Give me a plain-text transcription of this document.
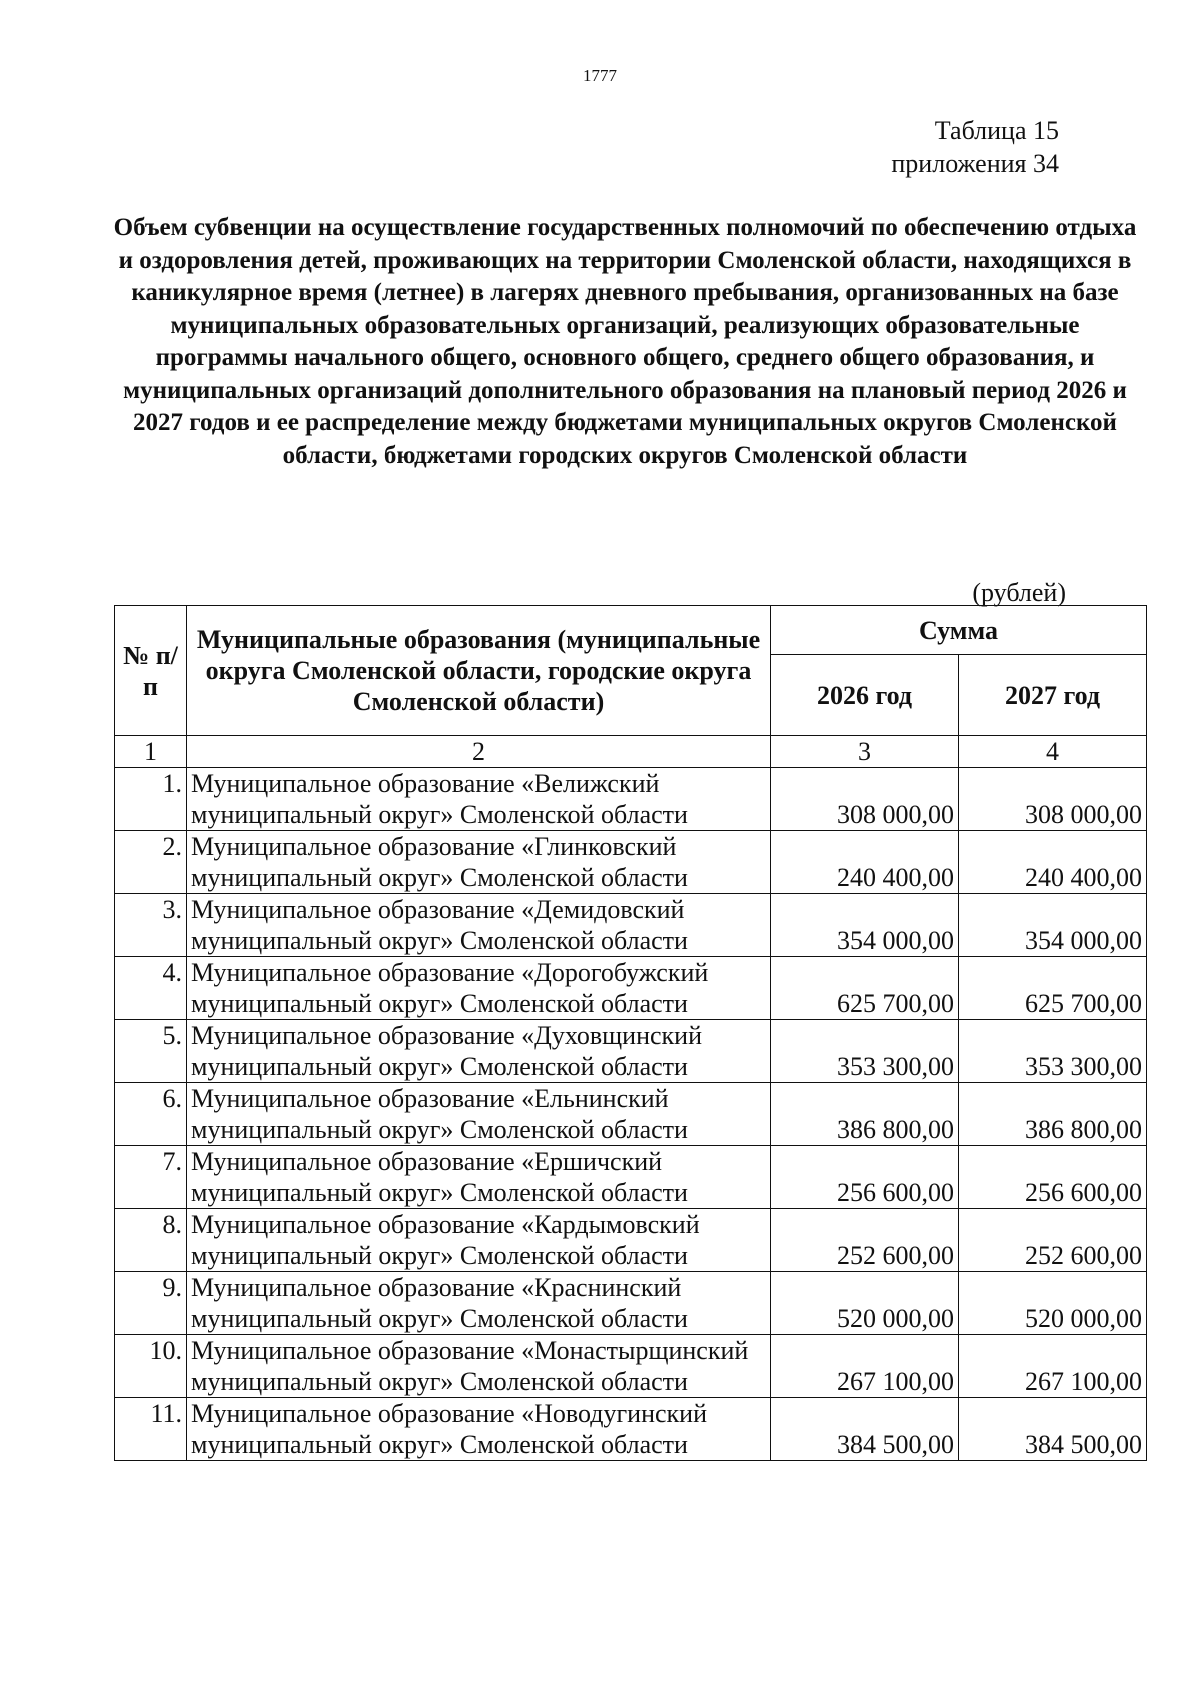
1777
Таблица 15
приложения 34
Объем субвенции на осуществление государственных полномочий по обеспечению отдыха и оздоровления детей, проживающих на территории Смоленской области, находящихся в каникулярное время (летнее) в лагерях дневного пребывания, организованных на базе муниципальных образовательных организаций, реализующих образовательные программы начального общего, основного общего, среднего общего образования, и муниципальных организаций дополнительного образования на плановый период 2026 и 2027 годов и ее распределение между бюджетами муниципальных округов Смоленской области, бюджетами городских округов Смоленской области
(рублей)
№ п/п	Муниципальные образования (муниципальные округа Смоленской области, городские округа Смоленской области)	Сумма	
		2026 год	2027 год
1	2	3	4
1.	Муниципальное образование «Велижский муниципальный округ» Смоленской области	308 000,00	308 000,00
2.	Муниципальное образование «Глинковский муниципальный округ» Смоленской области	240 400,00	240 400,00
3.	Муниципальное образование «Демидовский муниципальный округ» Смоленской области	354 000,00	354 000,00
4.	Муниципальное образование «Дорогобужский муниципальный округ» Смоленской области	625 700,00	625 700,00
5.	Муниципальное образование «Духовщинский муниципальный округ» Смоленской области	353 300,00	353 300,00
6.	Муниципальное образование «Ельнинский муниципальный округ» Смоленской области	386 800,00	386 800,00
7.	Муниципальное образование «Ершичский муниципальный округ» Смоленской области	256 600,00	256 600,00
8.	Муниципальное образование «Кардымовский муниципальный округ» Смоленской области	252 600,00	252 600,00
9.	Муниципальное образование «Краснинский муниципальный округ» Смоленской области	520 000,00	520 000,00
10.	Муниципальное образование «Монастырщинский муниципальный округ» Смоленской области	267 100,00	267 100,00
11.	Муниципальное образование «Новодугинский муниципальный округ» Смоленской области	384 500,00	384 500,00
